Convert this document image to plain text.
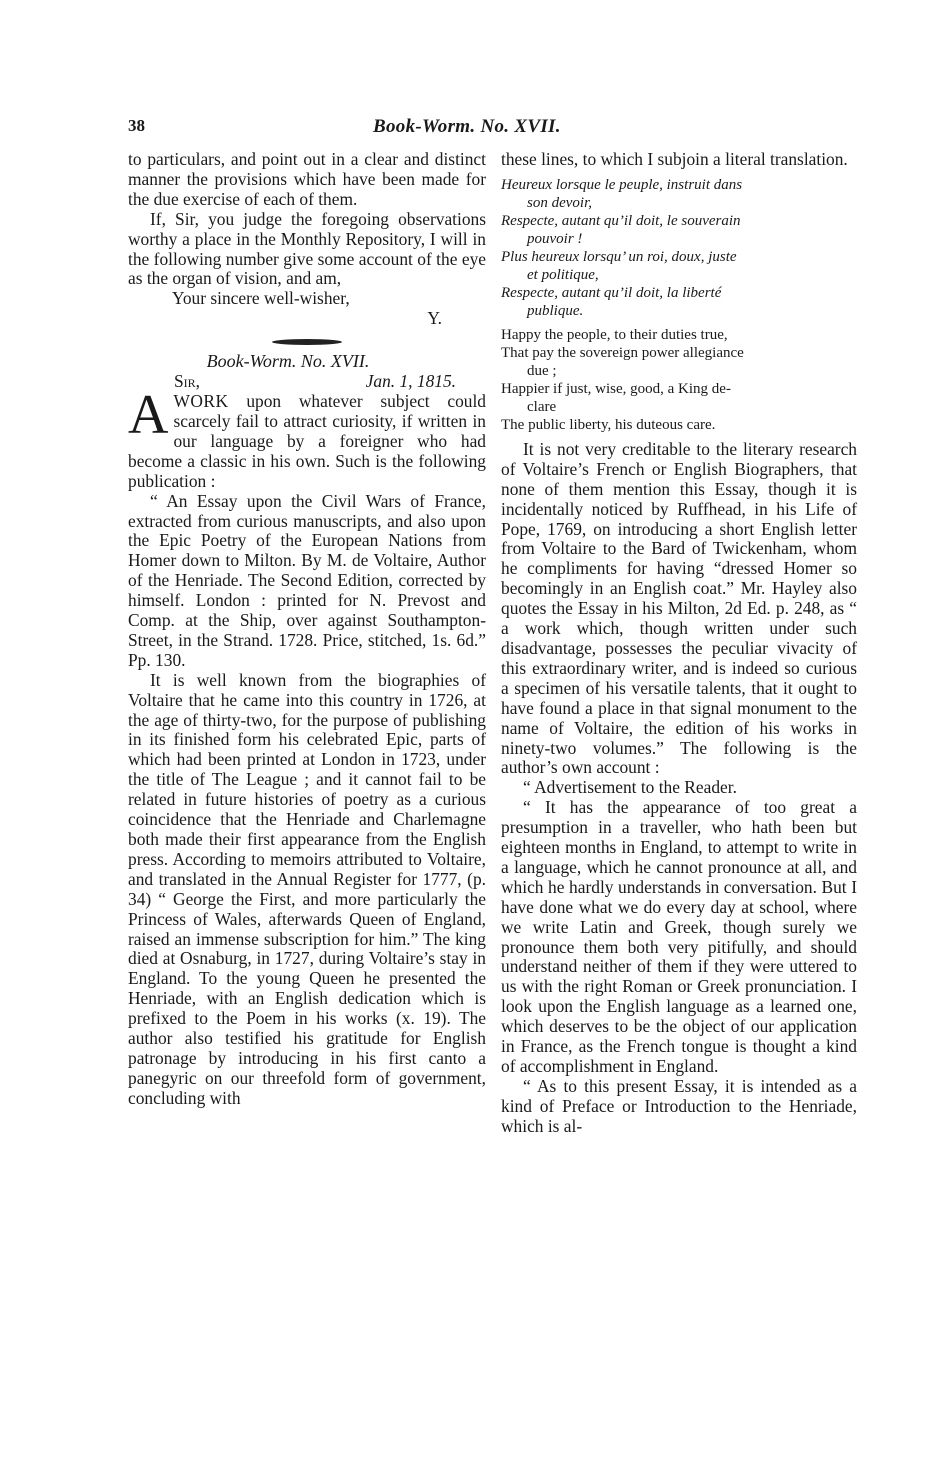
38	Book-Worm. No. XVII.

to particulars, and point out in a clear and distinct manner the provisions which have been made for the due exercise of each of them.

If, Sir, you judge the foregoing observations worthy a place in the Monthly Repository, I will in the following number give some account of the eye as the organ of vision, and am,

Your sincere well-wisher,

Y.

Book-Worm. No. XVII.
Sir,	Jan. 1, 1815.

AWORK upon whatever subject could scarcely fail to attract curiosity, if written in our language by a foreigner who had become a classic in his own. Such is the following publication :

“ An Essay upon the Civil Wars of France, extracted from curious manuscripts, and also upon the Epic Poetry of the European Nations from Homer down to Milton. By M. de Voltaire, Author of the Henriade. The Second Edition, corrected by himself. London : printed for N. Prevost and Comp. at the Ship, over against Southampton-Street, in the Strand. 1728. Price, stitched, 1s. 6d.” Pp. 130.

It is well known from the biographies of Voltaire that he came into this country in 1726, at the age of thirty-two, for the purpose of publishing in its finished form his celebrated Epic, parts of which had been printed at London in 1723, under the title of The League ; and it cannot fail to be related in future histories of poetry as a curious coincidence that the Henriade and Charlemagne both made their first appearance from the English press. According to memoirs attributed to Voltaire, and translated in the Annual Register for 1777, (p. 34) “ George the First, and more particularly the Princess of Wales, afterwards Queen of England, raised an immense subscription for him.” The king died at Osnaburg, in 1727, during Voltaire’s stay in England. To the young Queen he presented the Henriade, with an English dedication which is prefixed to the Poem in his works (x. 19). The author also testified his gratitude for English patronage by introducing in his first canto a panegyric on our threefold form of government, concluding with

these lines, to which I subjoin a literal translation.

Heureux lorsque le peuple, instruit dans

son devoir,

Respecte, autant qu’il doit, le souverain

pouvoir !

Plus heureux lorsqu’ un roi, doux, juste

et politique,

Respecte, autant qu’il doit, la liberté

publique.

Happy the people, to their duties true,

That pay the sovereign power allegiance

due ;

Happier if just, wise, good, a King de-

clare

The public liberty, his duteous care.

It is not very creditable to the literary research of Voltaire’s French or English Biographers, that none of them mention this Essay, though it is incidentally noticed by Ruffhead, in his Life of Pope, 1769, on introducing a short English letter from Voltaire to the Bard of Twickenham, whom he compliments for having “dressed Homer so becomingly in an English coat.” Mr. Hayley also quotes the Essay in his Milton, 2d Ed. p. 248, as “ a work which, though written under such disadvantage, possesses the peculiar vivacity of this extraordinary writer, and is indeed so curious a specimen of his versatile talents, that it ought to have found a place in that signal monument to the name of Voltaire, the edition of his works in ninety-two volumes.” The following is the author’s own account :

“ Advertisement to the Reader.

“ It has the appearance of too great a presumption in a traveller, who hath been but eighteen months in England, to attempt to write in a language, which he cannot pronounce at all, and which he hardly understands in conversation. But I have done what we do every day at school, where we write Latin and Greek, though surely we pronounce them both very pitifully, and should understand neither of them if they were uttered to us with the right Roman or Greek pronunciation. I look upon the English language as a learned one, which deserves to be the object of our application in France, as the French tongue is thought a kind of accomplishment in England.

“ As to this present Essay, it is intended as a kind of Preface or Introduction to the Henriade, which is al-
